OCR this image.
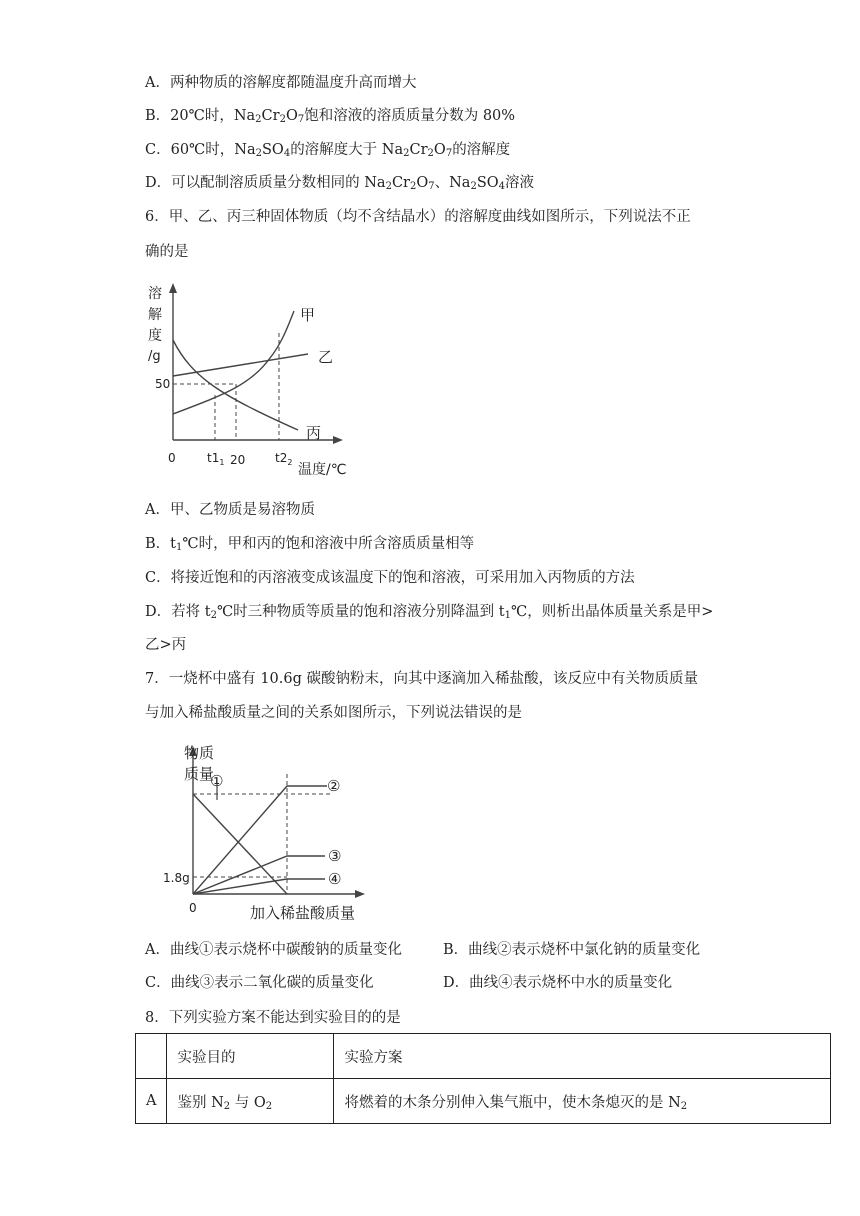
A．两种物质的溶解度都随温度升高而增大
B．20℃时，$Na_2Cr_2O_7$饱和溶液的溶质质量分数为 80%
C．60℃时，$Na_2SO_4$的溶解度大于 $Na_2Cr_2O_7$的溶解度
D．可以配制溶质质量分数相同的 $Na_2Cr_2O_7$、$Na_2SO_4$溶液
6．甲、乙、丙三种固体物质（均不含结晶水）的溶解度曲线如图所示，下列说法不正
确的是
溶
解
度
/g
50
0	$t1_1$ 20 $t2_2$ 温度/℃
甲
乙
丙
A．甲、乙物质是易溶物质
B．$t_1℃$时，甲和丙的饱和溶液中所含溶质质量相等
C．将接近饱和的丙溶液变成该温度下的饱和溶液，可采用加入丙物质的方法
D．若将 $t_2℃$时三种物质等质量的饱和溶液分别降温到 $t_1℃$，则析出晶体质量关系是甲>
乙>丙
7．一烧杯中盛有 10.6g 碳酸钠粉末，向其中逐滴加入稀盐酸，该反应中有关物质质量
与加入稀盐酸质量之间的关系如图所示，下列说法错误的是
物质
质量
1.8g
0	加入稀盐酸质量
①	②
③
④
A．曲线①表示烧杯中碳酸钠的质量变化	B．曲线②表示烧杯中氯化钠的质量变化
C．曲线③表示二氧化碳的质量变化	D．曲线④表示烧杯中水的质量变化
8．下列实验方案不能达到实验目的的是
	实验目的	实验方案
A	鉴别 $N_2$ 与 $O_2$	将燃着的木条分别伸入集气瓶中，使木条熄灭的是 $N_2$
